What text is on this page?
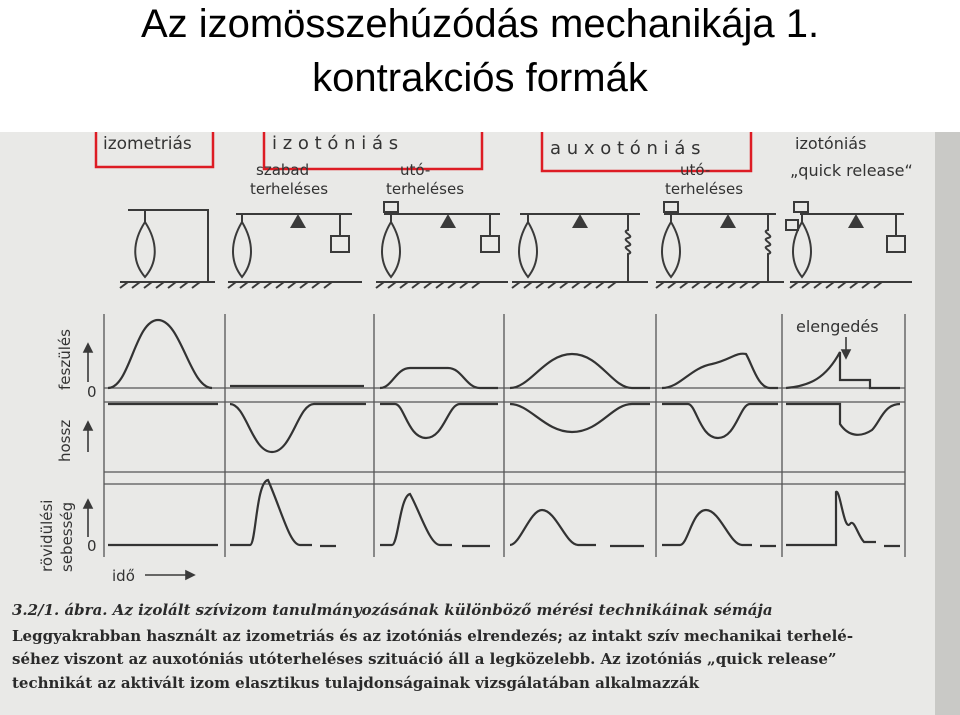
Az izomösszehúzódás mechanikája 1.
kontrakciós formák
izometriás	i z o t ó n i á s	a u x o t ó n i á s	izotóniás
„quick release“
szabad
terheléses
utó-
terheléses
utó-
terheléses
feszülés
hossz
rövidülési sebesség
0
0
idő
elengedés
3.2/1. ábra. Az izolált szívizom tanulmányozásának különböző mérési technikáinak sémája
Leggyakrabban használt az izometriás és az izotóniás elrendezés; az intakt szív mechanikai terhelé-
séhez viszont az auxotóniás utóterheléses szituáció áll a legközelebb. Az izotóniás „quick release”
technikát az aktivált izom elasztikus tulajdonságainak vizsgálatában alkalmazzák
